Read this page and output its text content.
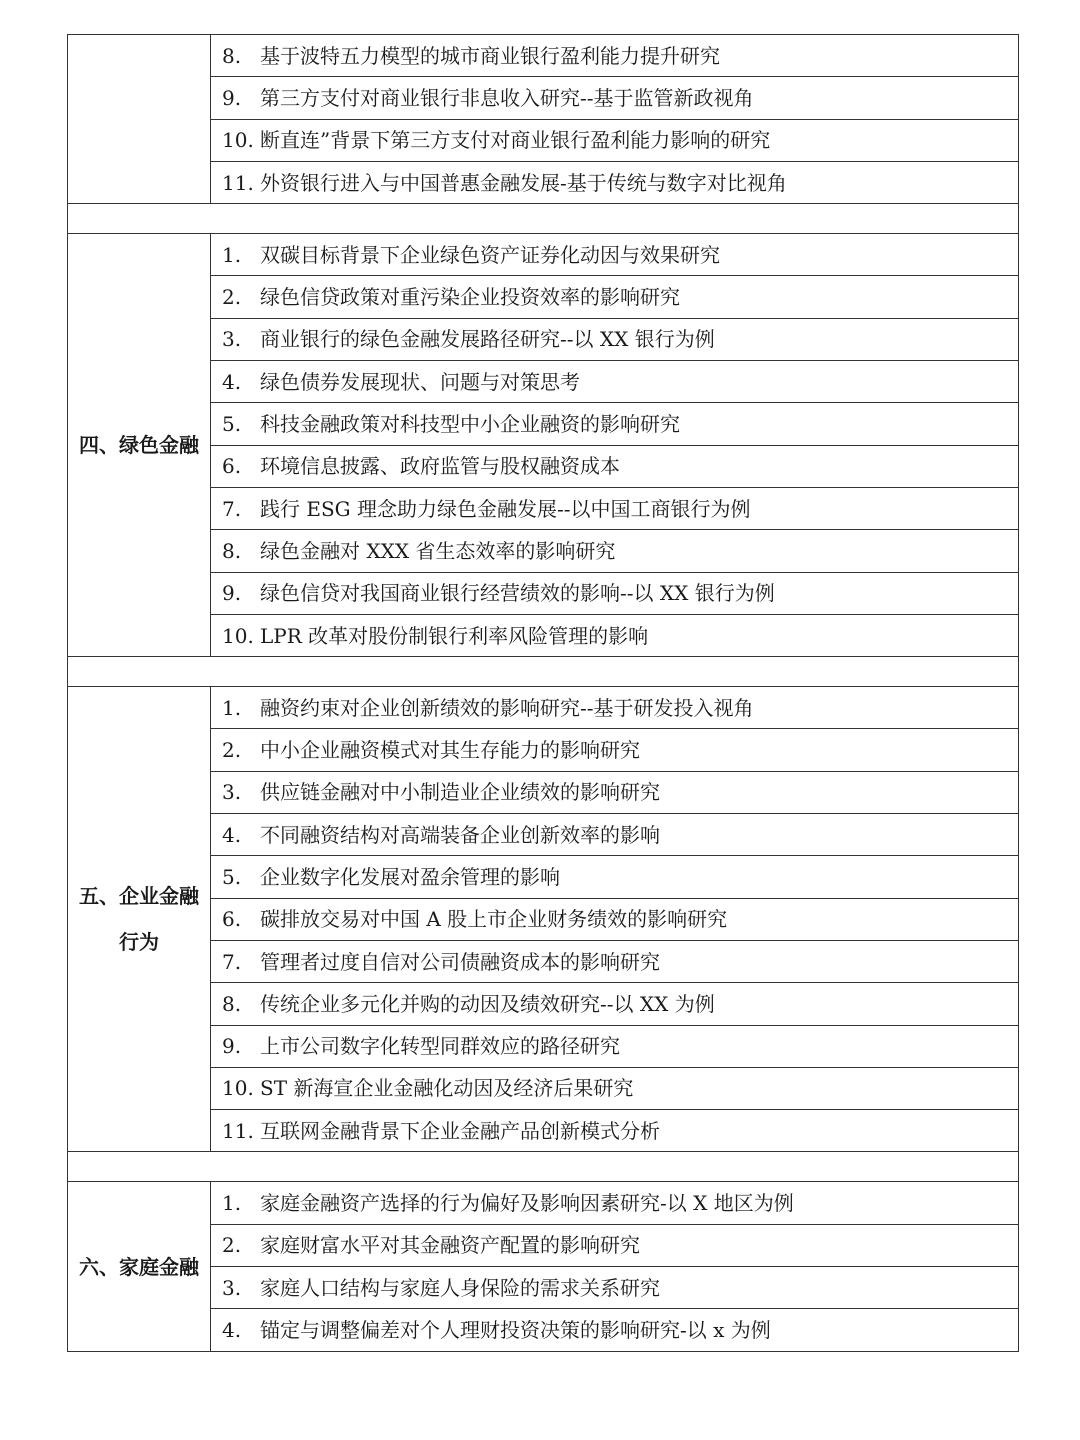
	8. 基于波特五力模型的城市商业银行盈利能力提升研究
	9. 第三方支付对商业银行非息收入研究--基于监管新政视角
	10. 断直连”背景下第三方支付对商业银行盈利能力影响的研究
	11. 外资银行进入与中国普惠金融发展-基于传统与数字对比视角

四、绿色金融	1. 双碳目标背景下企业绿色资产证券化动因与效果研究
	2. 绿色信贷政策对重污染企业投资效率的影响研究
	3. 商业银行的绿色金融发展路径研究--以 XX 银行为例
	4. 绿色债券发展现状、问题与对策思考
	5. 科技金融政策对科技型中小企业融资的影响研究
	6. 环境信息披露、政府监管与股权融资成本
	7. 践行 ESG 理念助力绿色金融发展--以中国工商银行为例
	8. 绿色金融对 XXX 省生态效率的影响研究
	9. 绿色信贷对我国商业银行经营绩效的影响--以 XX 银行为例
	10. LPR 改革对股份制银行利率风险管理的影响

五、企业金融行为	1. 融资约束对企业创新绩效的影响研究--基于研发投入视角
	2. 中小企业融资模式对其生存能力的影响研究
	3. 供应链金融对中小制造业企业绩效的影响研究
	4. 不同融资结构对高端装备企业创新效率的影响
	5. 企业数字化发展对盈余管理的影响
	6. 碳排放交易对中国 A 股上市企业财务绩效的影响研究
	7. 管理者过度自信对公司债融资成本的影响研究
	8. 传统企业多元化并购的动因及绩效研究--以 XX 为例
	9. 上市公司数字化转型同群效应的路径研究
	10. ST 新海宣企业金融化动因及经济后果研究
	11. 互联网金融背景下企业金融产品创新模式分析

六、家庭金融	1. 家庭金融资产选择的行为偏好及影响因素研究-以 X 地区为例
	2. 家庭财富水平对其金融资产配置的影响研究
	3. 家庭人口结构与家庭人身保险的需求关系研究
	4. 锚定与调整偏差对个人理财投资决策的影响研究-以 x 为例
